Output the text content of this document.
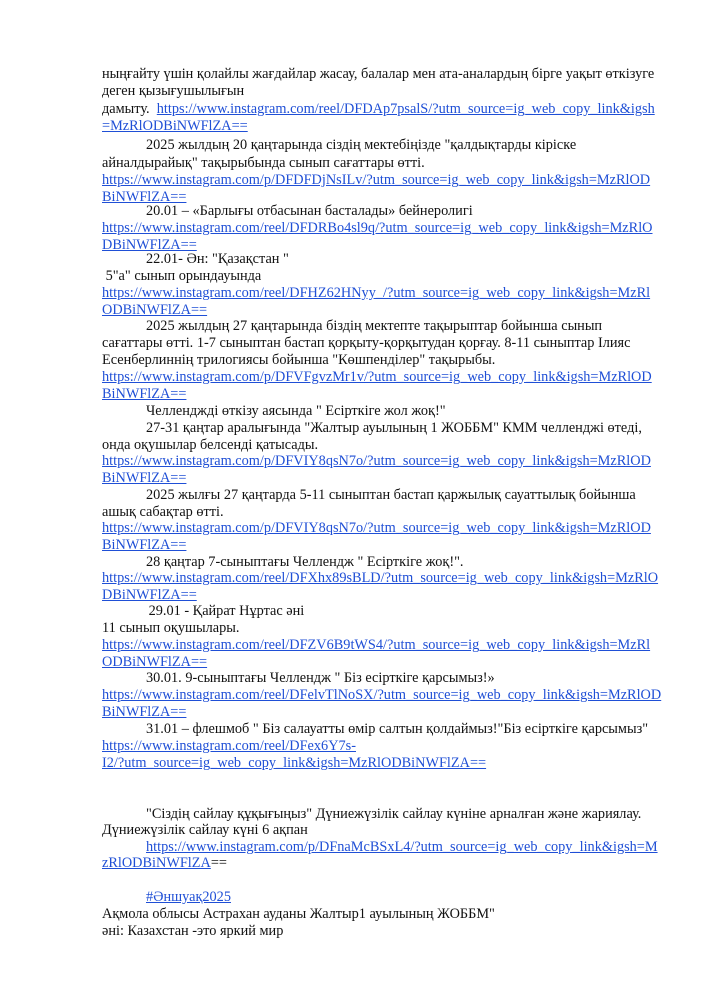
ныңғайту үшін қолайлы жағдайлар жасау, балалар мен ата-аналардың бірге уақыт өткізуге
деген қызығушылығын
дамыту.  https://www.instagram.com/reel/DFDAp7psalS/?utm_source=ig_web_copy_link&igsh
=MzRlODBiNWFlZA==
2025 жылдың 20 қаңтарында сіздің мектебіңізде "қалдықтарды кіріске
айналдырайық" тақырыбында сынып сағаттары өтті.
https://www.instagram.com/p/DFDFDjNsILv/?utm_source=ig_web_copy_link&igsh=MzRlOD
BiNWFlZA==
20.01 – «Барлығы отбасынан басталады» бейнеролигі
https://www.instagram.com/reel/DFDRBo4sl9q/?utm_source=ig_web_copy_link&igsh=MzRlO
DBiNWFlZA==
22.01- Ән: "Қазақстан "
5"а" сынып орындауында
https://www.instagram.com/reel/DFHZ62HNyy_/?utm_source=ig_web_copy_link&igsh=MzRl
ODBiNWFlZA==
2025 жылдың 27 қаңтарында біздің мектепте тақырыптар бойынша сынып
сағаттары өтті. 1-7 сыныптан бастап қорқыту-қорқытудан қорғау. 8-11 сыныптар Ілияс
Есенберлиннің трилогиясы бойынша "Көшпенділер" тақырыбы.
https://www.instagram.com/p/DFVFgvzMr1v/?utm_source=ig_web_copy_link&igsh=MzRlOD
BiNWFlZA==
Челленджді өткізу аясында " Есірткіге жол жоқ!"
27-31 қаңтар аралығында "Жалтыр ауылының 1 ЖОББМ" КММ челленджі өтеді,
онда оқушылар белсенді қатысады.
https://www.instagram.com/p/DFVIY8qsN7o/?utm_source=ig_web_copy_link&igsh=MzRlOD
BiNWFlZA==
2025 жылғы 27 қаңтарда 5-11 сыныптан бастап қаржылық сауаттылық бойынша
ашық сабақтар өтті.
https://www.instagram.com/p/DFVIY8qsN7o/?utm_source=ig_web_copy_link&igsh=MzRlOD
BiNWFlZA==
28 қаңтар 7-сыныптағы Челлендж " Есірткіге жоқ!".
https://www.instagram.com/reel/DFXhx89sBLD/?utm_source=ig_web_copy_link&igsh=MzRlO
DBiNWFlZA==
29.01 - Қайрат Нұртас әні
11 сынып оқушылары.
https://www.instagram.com/reel/DFZV6B9tWS4/?utm_source=ig_web_copy_link&igsh=MzRl
ODBiNWFlZA==
30.01. 9-сыныптағы Челлендж " Біз есірткіге қарсымыз!»
https://www.instagram.com/reel/DFelvTlNoSX/?utm_source=ig_web_copy_link&igsh=MzRlOD
BiNWFlZA==
31.01 – флешмоб " Біз салауатты өмір салтын қолдаймыз!"Біз есірткіге қарсымыз"
https://www.instagram.com/reel/DFex6Y7s-
I2/?utm_source=ig_web_copy_link&igsh=MzRlODBiNWFlZA==
"Сіздің сайлау құқығыңыз" Дүниежүзілік сайлау күніне арналған және жариялау.
Дүниежүзілік сайлау күні 6 ақпан
https://www.instagram.com/p/DFnaMcBSxL4/?utm_source=ig_web_copy_link&igsh=M
zRlODBiNWFlZA==
#Әншуақ2025
Ақмола облысы Астрахан ауданы Жалтыр1 ауылының ЖОББМ"
әні: Казахстан -это яркий мир
